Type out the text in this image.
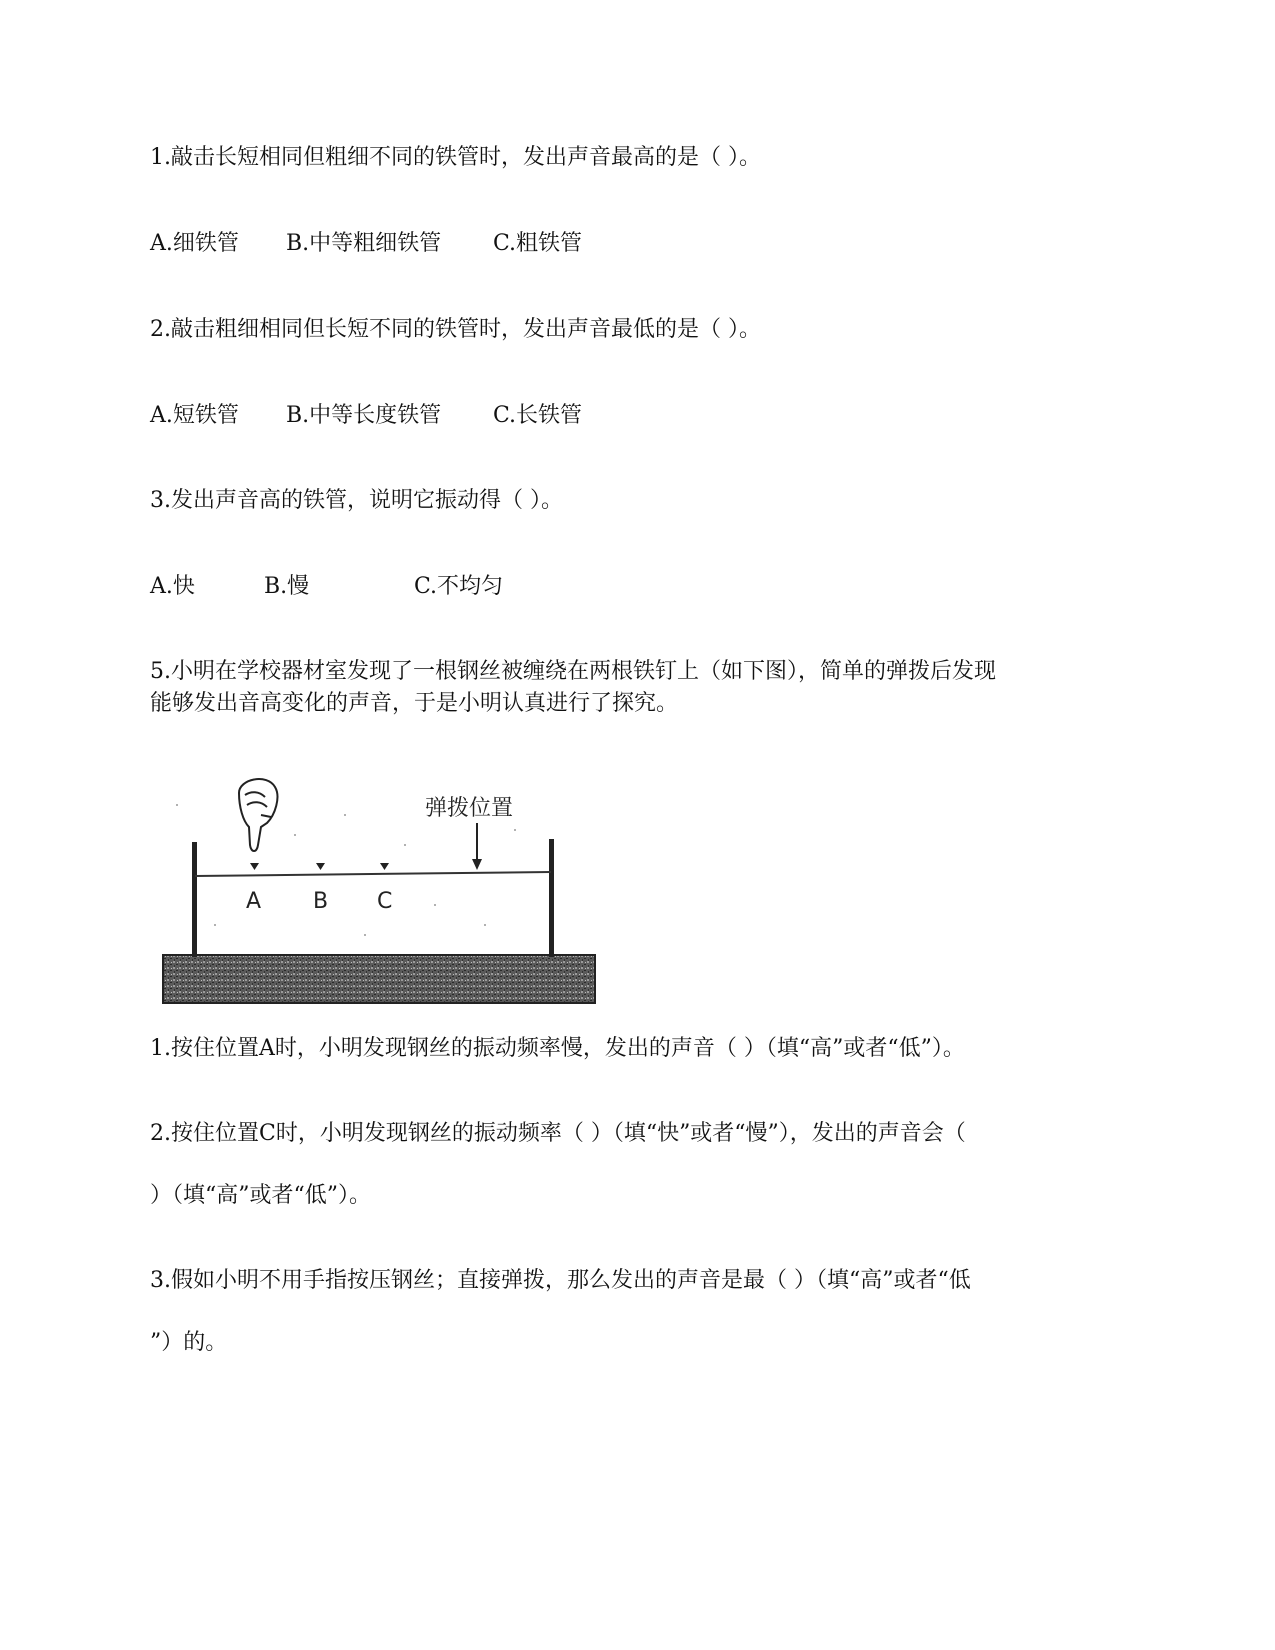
1.敲击长短相同但粗细不同的铁管时，发出声音最高的是（ ）。
A.细铁管 B.中等粗细铁管 C.粗铁管
2.敲击粗细相同但长短不同的铁管时，发出声音最低的是（ ）。
A.短铁管 B.中等长度铁管 C.长铁管
3.发出声音高的铁管，说明它振动得（ ）。
A.快	B.慢	C.不均匀
5.小明在学校器材室发现了一根钢丝被缠绕在两根铁钉上（如下图），简单的弹拨后发现
能够发出音高变化的声音，于是小明认真进行了探究。
A B C
弹拨位置
1.按住位置A时，小明发现钢丝的振动频率慢，发出的声音（ ）（填“高”或者“低”）。
2.按住位置C时，小明发现钢丝的振动频率（ ）（填“快”或者“慢”），发出的声音会（
）（填“高”或者“低”）。
3.假如小明不用手指按压钢丝；直接弹拨，那么发出的声音是最（ ）（填“高”或者“低
”）的。
